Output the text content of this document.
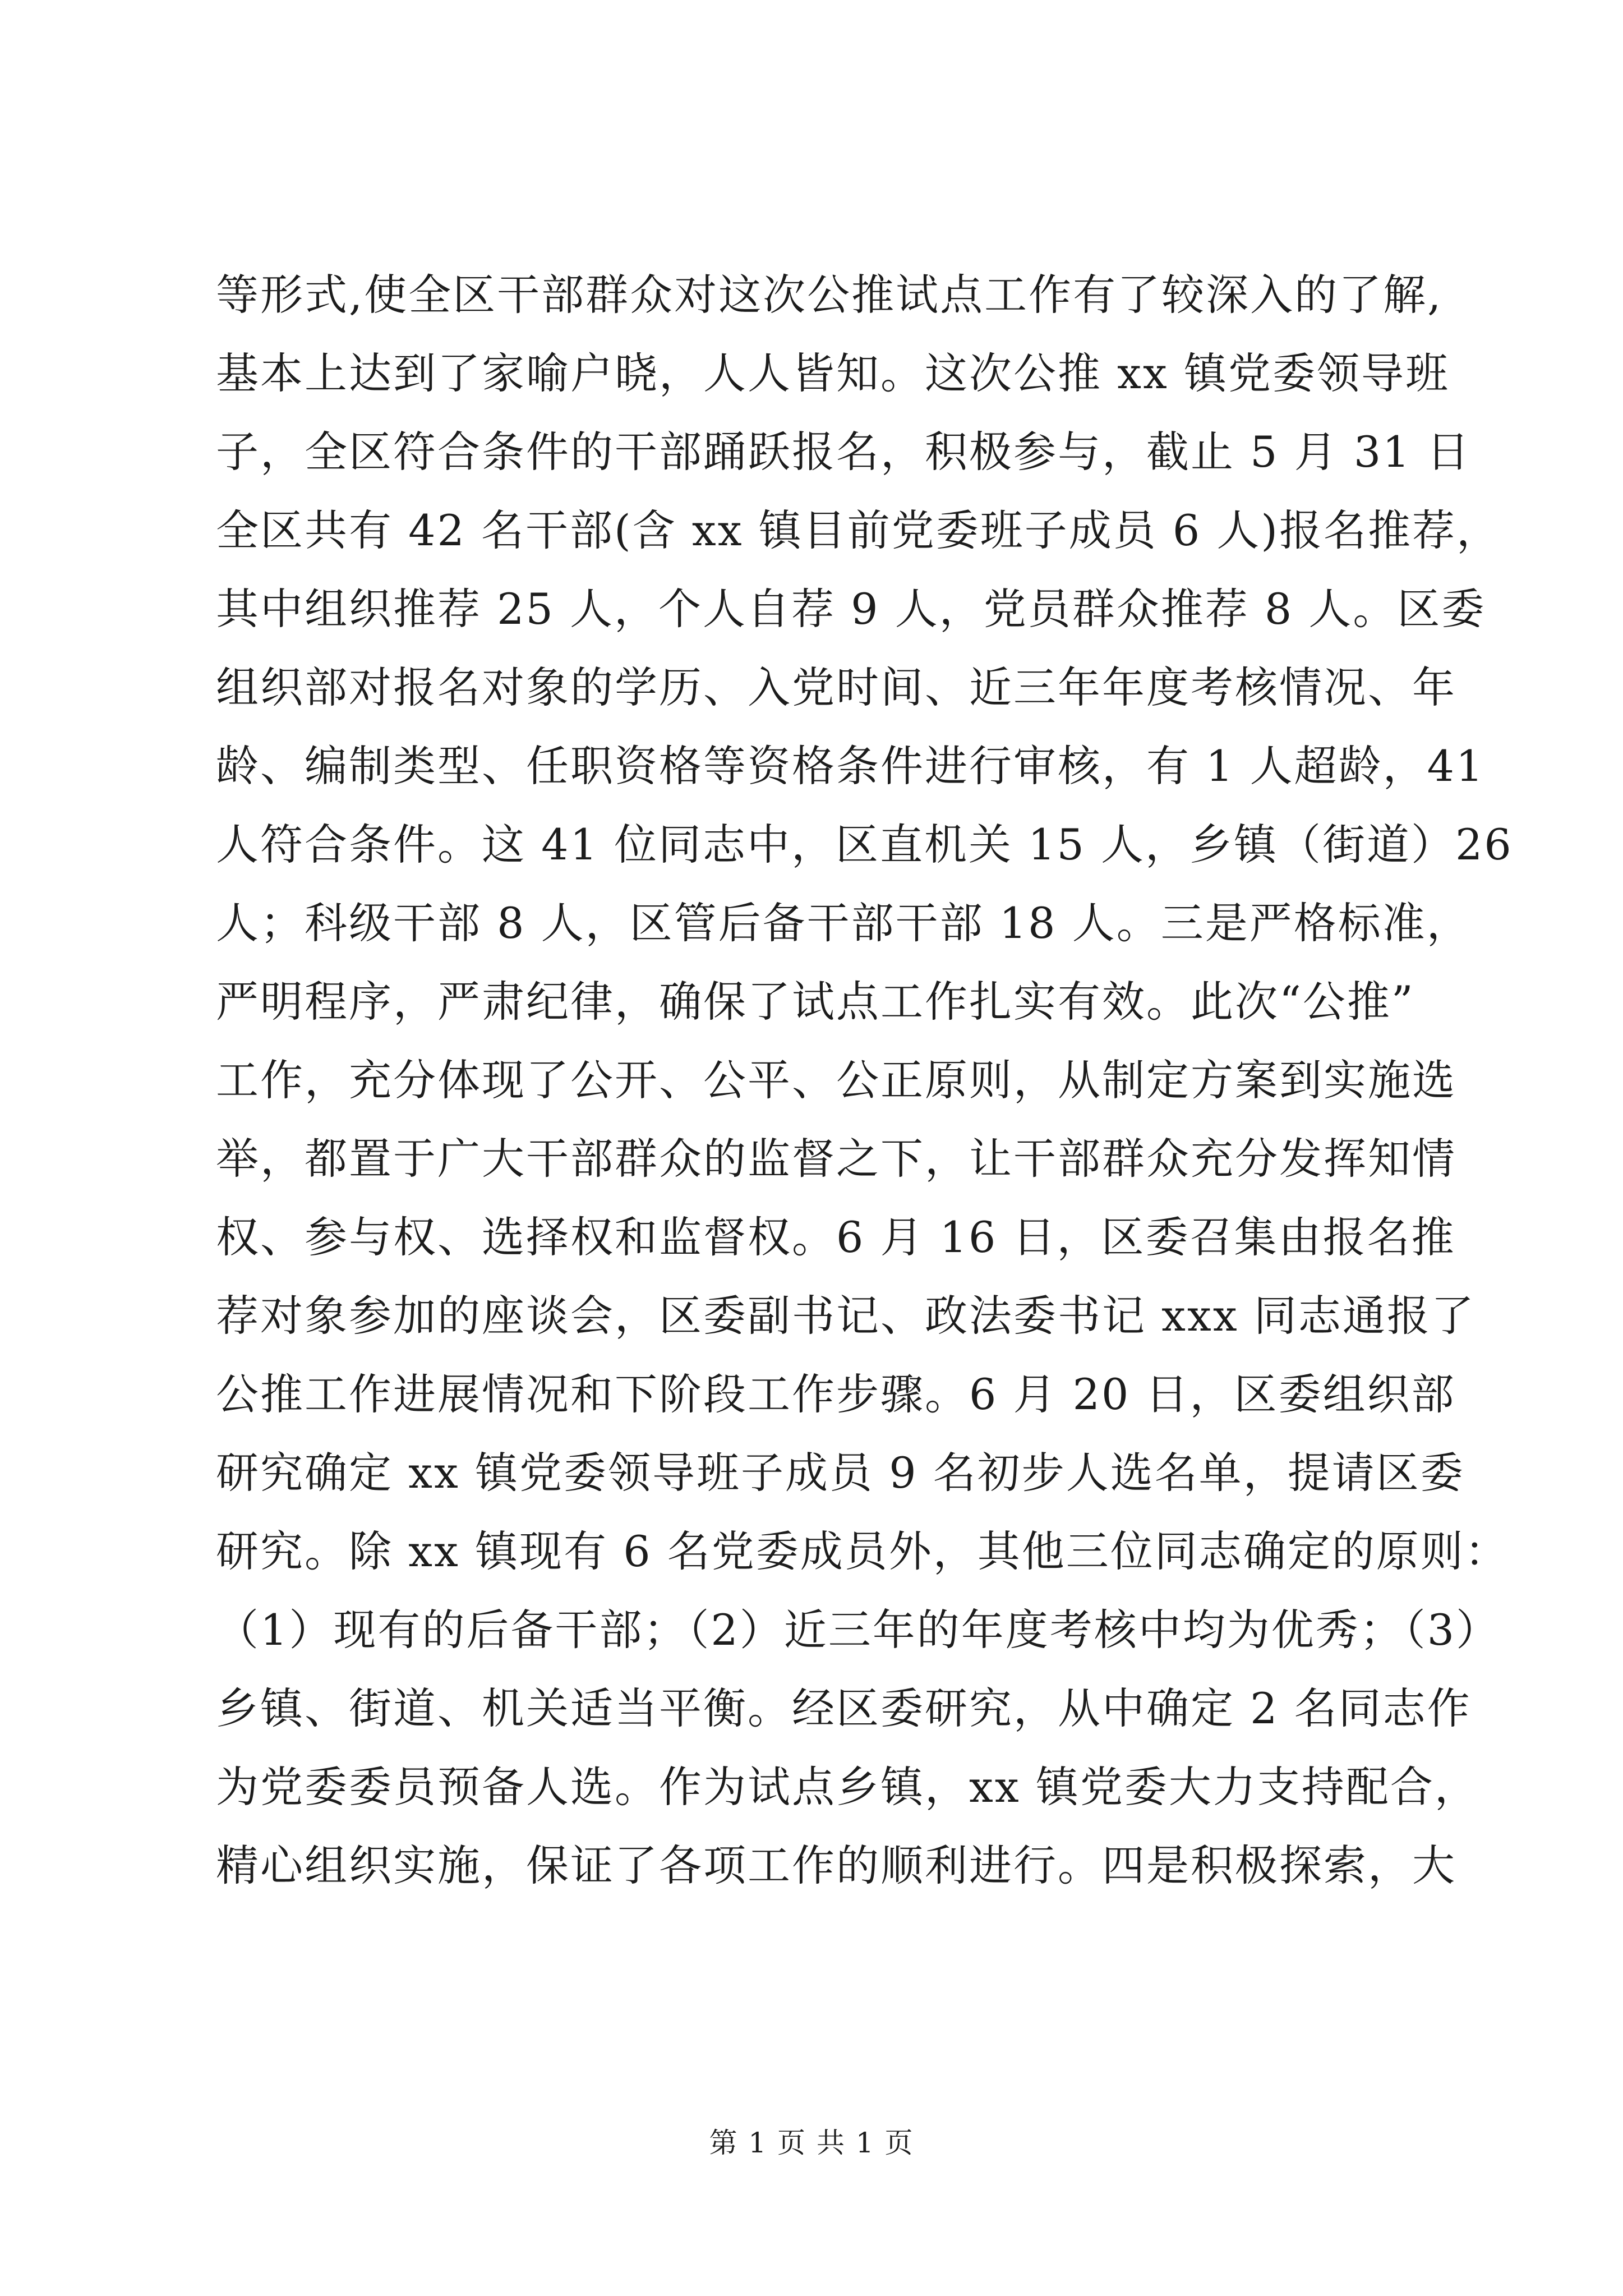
等形式,使全区干部群众对这次公推试点工作有了较深入的了解,
基本上达到了家喻户晓，人人皆知。这次公推 xx 镇党委领导班
子，全区符合条件的干部踊跃报名，积极参与，截止 5 月 31 日
全区共有 42 名干部(含 xx 镇目前党委班子成员 6 人)报名推荐，
其中组织推荐 25 人，个人自荐 9 人，党员群众推荐 8 人。区委
组织部对报名对象的学历、入党时间、近三年年度考核情况、年
龄、编制类型、任职资格等资格条件进行审核，有 1 人超龄，41
人符合条件。这 41 位同志中，区直机关 15 人，乡镇（街道）26
人；科级干部 8 人，区管后备干部干部 18 人。三是严格标准，
严明程序，严肃纪律，确保了试点工作扎实有效。此次“公推”
工作，充分体现了公开、公平、公正原则，从制定方案到实施选
举，都置于广大干部群众的监督之下，让干部群众充分发挥知情
权、参与权、选择权和监督权。6 月 16 日，区委召集由报名推
荐对象参加的座谈会，区委副书记、政法委书记 xxx 同志通报了
公推工作进展情况和下阶段工作步骤。6 月 20 日，区委组织部
研究确定 xx 镇党委领导班子成员 9 名初步人选名单，提请区委
研究。除 xx 镇现有 6 名党委成员外，其他三位同志确定的原则：
（1）现有的后备干部；（2）近三年的年度考核中均为优秀；（3）
乡镇、街道、机关适当平衡。经区委研究，从中确定 2 名同志作
为党委委员预备人选。作为试点乡镇，xx 镇党委大力支持配合，
精心组织实施，保证了各项工作的顺利进行。四是积极探索，大
第 1 页 共 1 页
